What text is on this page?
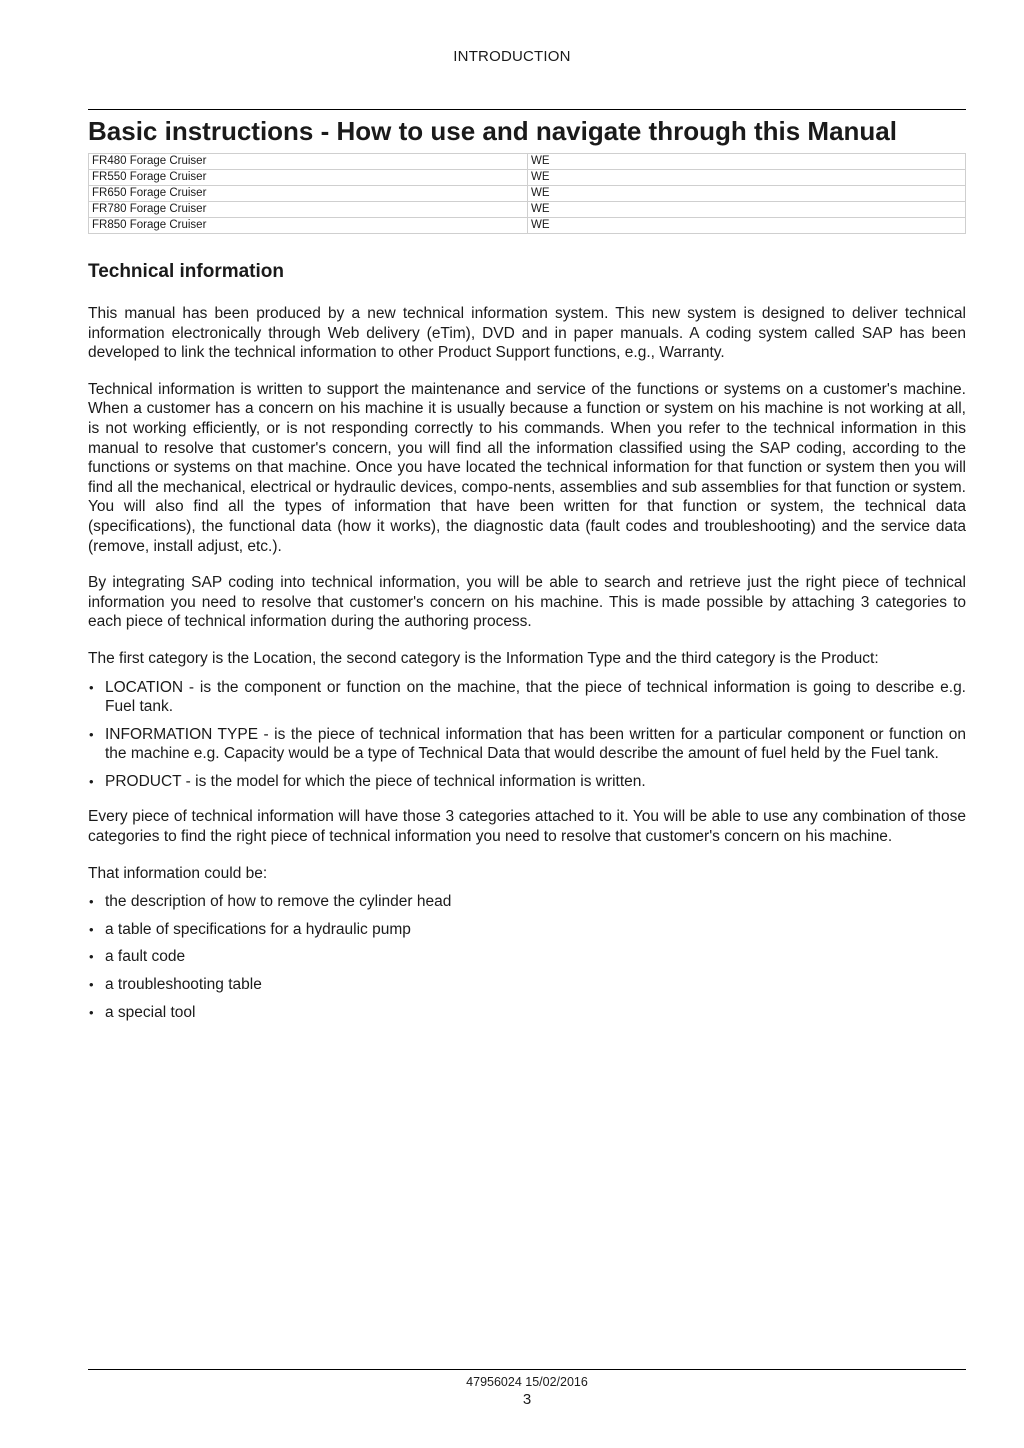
INTRODUCTION
Basic instructions - How to use and navigate through this Manual
FR480 Forage Cruiser	WE
FR550 Forage Cruiser	WE
FR650 Forage Cruiser	WE
FR780 Forage Cruiser	WE
FR850 Forage Cruiser	WE
Technical information

This manual has been produced by a new technical information system. This new system is designed to deliver technical information electronically through Web delivery (eTim), DVD and in paper manuals. A coding system called SAP has been developed to link the technical information to other Product Support functions, e.g., Warranty.

Technical information is written to support the maintenance and service of the functions or systems on a customer's machine. When a customer has a concern on his machine it is usually because a function or system on his machine is not working at all, is not working efficiently, or is not responding correctly to his commands. When you refer to the technical information in this manual to resolve that customer's concern, you will find all the information classified using the SAP coding, according to the functions or systems on that machine. Once you have located the technical information for that function or system then you will find all the mechanical, electrical or hydraulic devices, compo-nents, assemblies and sub assemblies for that function or system. You will also find all the types of information that have been written for that function or system, the technical data (specifications), the functional data (how it works), the diagnostic data (fault codes and troubleshooting) and the service data (remove, install adjust, etc.).

By integrating SAP coding into technical information, you will be able to search and retrieve just the right piece of technical information you need to resolve that customer's concern on his machine. This is made possible by attaching 3 categories to each piece of technical information during the authoring process.

The first category is the Location, the second category is the Information Type and the third category is the Product:

• LOCATION - is the component or function on the machine, that the piece of technical information is going to describe e.g. Fuel tank.
• INFORMATION TYPE - is the piece of technical information that has been written for a particular component or function on the machine e.g. Capacity would be a type of Technical Data that would describe the amount of fuel held by the Fuel tank.
• PRODUCT - is the model for which the piece of technical information is written.

Every piece of technical information will have those 3 categories attached to it. You will be able to use any combination of those categories to find the right piece of technical information you need to resolve that customer's concern on his machine.

That information could be:

• the description of how to remove the cylinder head
• a table of specifications for a hydraulic pump
• a fault code
• a troubleshooting table
• a special tool
47956024 15/02/2016
3
